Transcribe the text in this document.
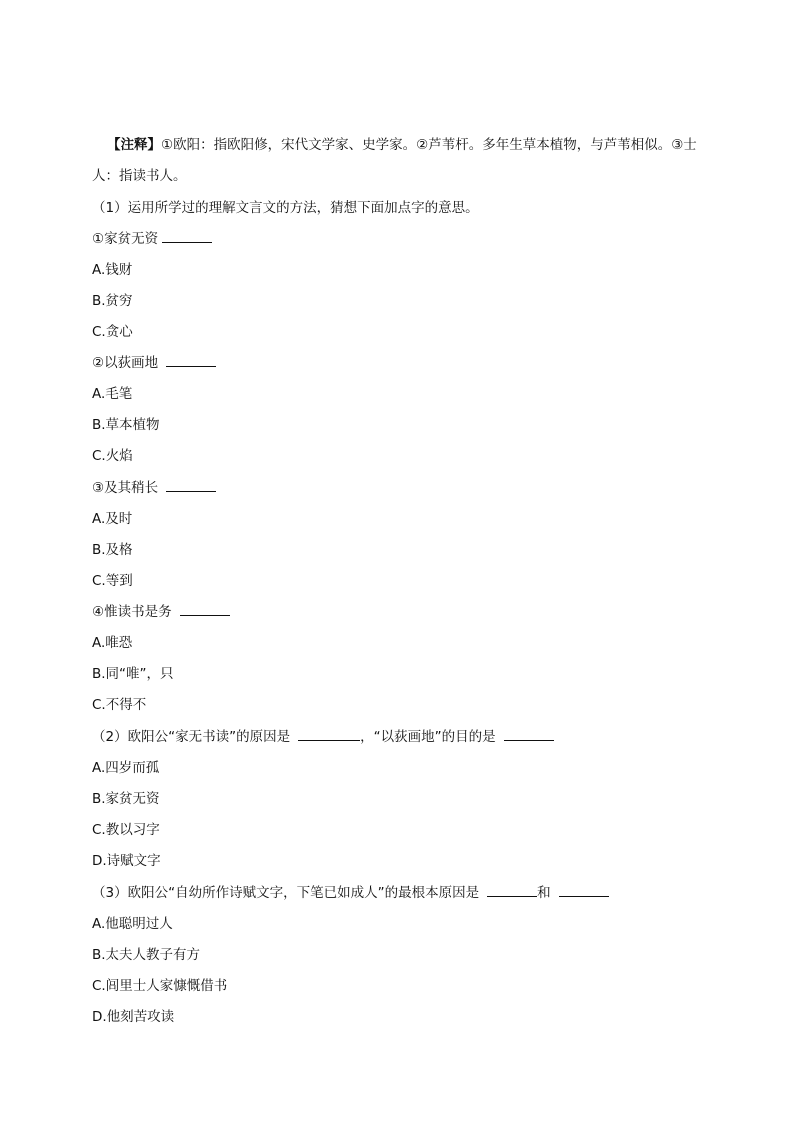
【注释】①欧阳：指欧阳修，宋代文学家、史学家。②芦苇杆。多年生草本植物，与芦苇相似。③士
人：指读书人。
（1）运用所学过的理解文言文的方法，猜想下面加点字的意思。
①家贫无资
A.钱财
B.贫穷
C.贪心
②以荻画地
A.毛笔
B.草本植物
C.火焰
③及其稍长
A.及时
B.及格
C.等到
④惟读书是务
A.唯恐
B.同“唯”，只
C.不得不
（2）欧阳公“家无书读”的原因是	，“以荻画地”的目的是
A.四岁而孤
B.家贫无资
C.教以习字
D.诗赋文字
（3）欧阳公“自幼所作诗赋文字，下笔已如成人”的最根本原因是	和
A.他聪明过人
B.太夫人教子有方
C.闾里士人家慷慨借书
D.他刻苦攻读
